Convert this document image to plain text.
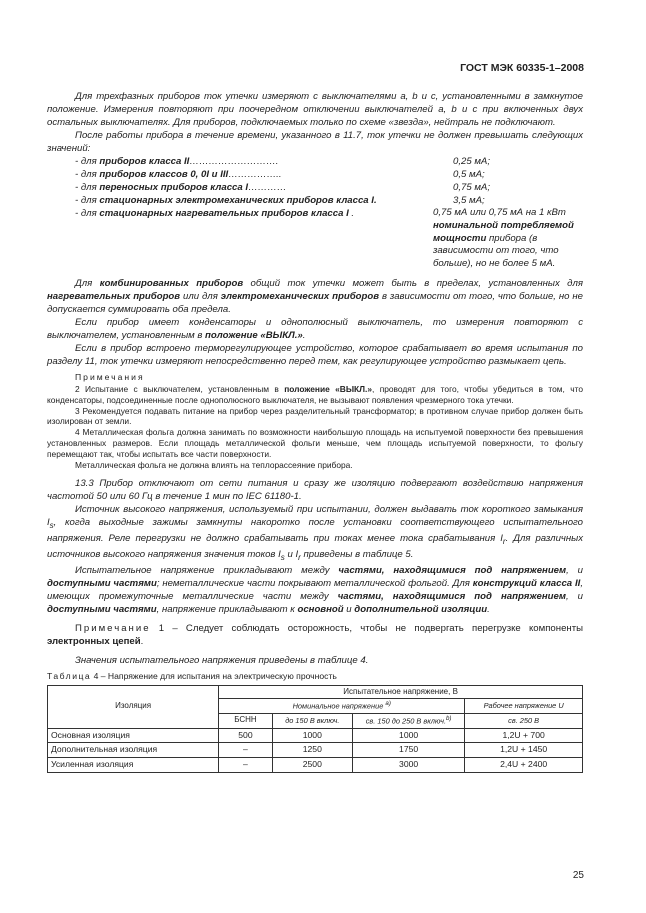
ГОСТ МЭК 60335-1–2008

Для трехфазных приборов ток утечки измеряют с выключателями a, b и c, установленными в замкнутое положение. Измерения повторяют при поочередном отключении выключателей a, b и c при включенных двух остальных выключателях. Для приборов, подключаемых только по схеме «звезда», нейтраль не подключают.

После работы прибора в течение времени, указанного в 11.7, ток утечки не должен превышать следующих значений:

- для приборов класса II……………………….	0,25 мА;
- для приборов классов 0, 0I и III……………..	0,5 мА;
- для переносных приборов класса I…………	0,75 мА;
- для стационарных электромеханических приборов класса I.	3,5 мА;
- для стационарных нагревательных приборов класса I .	0,75 мА или 0,75 мА на 1 кВт номинальной потребляемой мощности прибора (в зависимости от того, что больше), но не более 5 мА.

Для комбинированных приборов общий ток утечки может быть в пределах, установленных для нагревательных приборов или для электромеханических приборов в зависимости от того, что больше, но не допускается суммировать оба предела.

Если прибор имеет конденсаторы и однополюсный выключатель, то измерения повторяют с выключателем, установленным в положение «ВЫКЛ.».

Если в прибор встроено терморегулирующее устройство, которое срабатывает во время испытания по разделу 11, ток утечки измеряют непосредственно перед тем, как регулирующее устройство размыкает цепь.

Примечания

2 Испытание с выключателем, установленным в положение «ВЫКЛ.», проводят для того, чтобы убедиться в том, что конденсаторы, подсоединенные после однополюсного выключателя, не вызывают появления чрезмерного тока утечки.

3 Рекомендуется подавать питание на прибор через разделительный трансформатор; в противном случае прибор должен быть изолирован от земли.

4 Металлическая фольга должна занимать по возможности наибольшую площадь на испытуемой поверхности без превышения установленных размеров. Если площадь металлической фольги меньше, чем площадь испытуемой поверхности, то фольгу перемещают так, чтобы испытать все части поверхности.

Металлическая фольга не должна влиять на теплорассеяние прибора.

13.3 Прибор отключают от сети питания и сразу же изоляцию подвергают воздействию напряжения частотой 50 или 60 Гц в течение 1 мин по IEC 61180-1.

Источник высокого напряжения, используемый при испытании, должен выдавать ток короткого замыкания $I_s$, когда выходные зажимы замкнуты накоротко после установки соответствующего испытательного напряжения. Реле перегрузки не должно срабатывать при токах менее тока срабатывания $I_r$. Для различных источников высокого напряжения значения токов $I_s$ и $I_r$ приведены в таблице 5.

Испытательное напряжение прикладывают между частями, находящимися под напряжением, и доступными частями; неметаллические части покрывают металлической фольгой. Для конструкций класса II, имеющих промежуточные металлические части между частями, находящимися под напряжением, и доступными частями, напряжение прикладывают к основной и дополнительной изоляции.

Примечание 1 – Следует соблюдать осторожность, чтобы не подвергать перегрузке компоненты электронных цепей.

Значения испытательного напряжения приведены в таблице 4.

Таблица 4 – Напряжение для испытания на электрическую прочность
Изоляция	Испытательное напряжение, В			
	Номинальное напряжение $^{а)}$			Рабочее напряжение U
	БСНН	до 150 В включ.	св. 150 до 250 В включ.$^{b)}$	св. 250 В
Основная изоляция	500	1000	1000	1,2U + 700
Дополнительная изоляция	–	1250	1750	1,2U + 1450
Усиленная изоляция	–	2500	3000	2,4U + 2400
25
